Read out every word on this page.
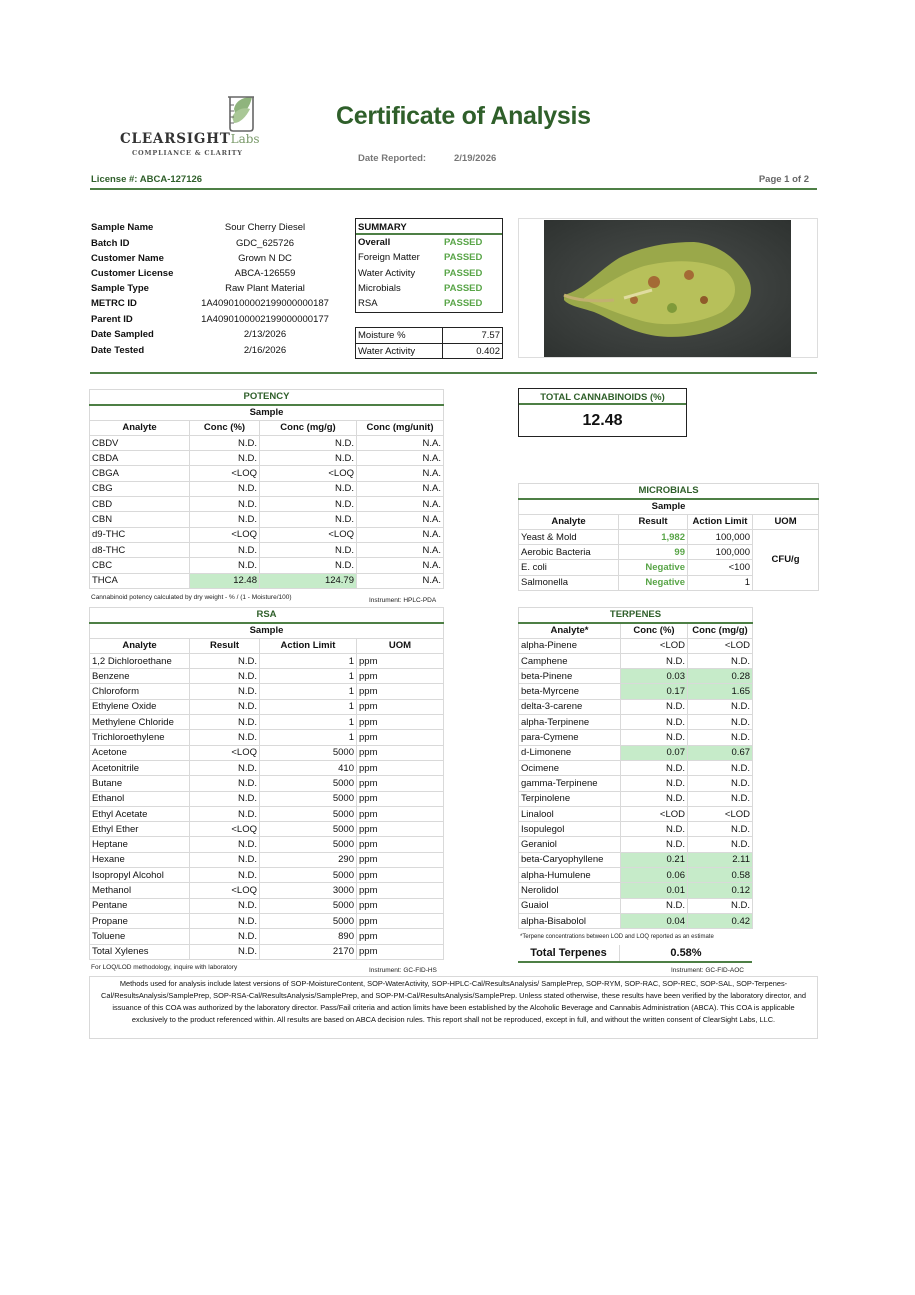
CLEARSIGHTLabs
COMPLIANCE & CLARITY
Certificate of Analysis
Date Reported:	2/19/2026
License #: ABCA-127126	Page 1 of 2
Sample Name	Sour Cherry Diesel
Batch ID	GDC_625726
Customer Name	Grown N DC
Customer License	ABCA-126559
Sample Type	Raw Plant Material
METRC ID	1A4090100002199000000187
Parent ID	1A4090100002199000000177
Date Sampled	2/13/2026
Date Tested	2/16/2026
SUMMARY
Overall	PASSED
Foreign Matter	PASSED
Water Activity	PASSED
Microbials	PASSED
RSA	PASSED
Moisture %	7.57
Water Activity	0.402
POTENCY			
Sample			
Analyte	Conc (%)	Conc (mg/g)	Conc (mg/unit)
CBDV	N.D.	N.D.	N.A.
CBDA	N.D.	N.D.	N.A.
CBGA	<LOQ	<LOQ	N.A.
CBG	N.D.	N.D.	N.A.
CBD	N.D.	N.D.	N.A.
CBN	N.D.	N.D.	N.A.
d9-THC	<LOQ	<LOQ	N.A.
d8-THC	N.D.	N.D.	N.A.
CBC	N.D.	N.D.	N.A.
THCA	12.48	124.79	N.A.
Cannabinoid potency calculated by dry weight - % / (1 - Moisture/100)	Instrument: HPLC-PDA
TOTAL CANNABINOIDS (%)
12.48
MICROBIALS			
Sample			
Analyte	Result	Action Limit	UOM
Yeast & Mold	1,982	100,000	CFU/g
Aerobic Bacteria	99	100,000	
E. coli	Negative	<100	
Salmonella	Negative	1	
RSA			
Sample			
Analyte	Result	Action Limit	UOM
1,2 Dichloroethane	N.D.	1	ppm
Benzene	N.D.	1	ppm
Chloroform	N.D.	1	ppm
Ethylene Oxide	N.D.	1	ppm
Methylene Chloride	N.D.	1	ppm
Trichloroethylene	N.D.	1	ppm
Acetone	<LOQ	5000	ppm
Acetonitrile	N.D.	410	ppm
Butane	N.D.	5000	ppm
Ethanol	N.D.	5000	ppm
Ethyl Acetate	N.D.	5000	ppm
Ethyl Ether	<LOQ	5000	ppm
Heptane	N.D.	5000	ppm
Hexane	N.D.	290	ppm
Isopropyl Alcohol	N.D.	5000	ppm
Methanol	<LOQ	3000	ppm
Pentane	N.D.	5000	ppm
Propane	N.D.	5000	ppm
Toluene	N.D.	890	ppm
Total Xylenes	N.D.	2170	ppm
For LOQ/LOD methodology, inquire with laboratory	Instrument: GC-FID-HS
TERPENES		
Analyte*	Conc (%)	Conc (mg/g)
alpha-Pinene	<LOD	<LOD
Camphene	N.D.	N.D.
beta-Pinene	0.03	0.28
beta-Myrcene	0.17	1.65
delta-3-carene	N.D.	N.D.
alpha-Terpinene	N.D.	N.D.
para-Cymene	N.D.	N.D.
d-Limonene	0.07	0.67
Ocimene	N.D.	N.D.
gamma-Terpinene	N.D.	N.D.
Terpinolene	N.D.	N.D.
Linalool	<LOD	<LOD
Isopulegol	N.D.	N.D.
Geraniol	N.D.	N.D.
beta-Caryophyllene	0.21	2.11
alpha-Humulene	0.06	0.58
Nerolidol	0.01	0.12
Guaiol	N.D.	N.D.
alpha-Bisabolol	0.04	0.42
*Terpene concentrations between LOD and LOQ reported as an estimate
Total Terpenes	0.58%
Instrument: GC-FID-AOC
Methods used for analysis include latest versions of SOP-MoistureContent, SOP-WaterActivity, SOP-HPLC-Cal/ResultsAnalysis/ SamplePrep, SOP-RYM, SOP-RAC, SOP-REC, SOP-SAL, SOP-Terpenes-Cal/ResultsAnalysis/SamplePrep, SOP-RSA-Cal/ResultsAnalysis/SamplePrep, and SOP-PM-Cal/ResultsAnalysis/SamplePrep. Unless stated otherwise, these results have been verified by the laboratory director, and issuance of this COA was authorized by the laboratory director. Pass/Fail criteria and action limits have been established by the Alcoholic Beverage and Cannabis Administration (ABCA). This COA is applicable exclusively to the product referenced within. All results are based on ABCA decision rules. This report shall not be reproduced, except in full, and without the written consent of ClearSight Labs, LLC.
